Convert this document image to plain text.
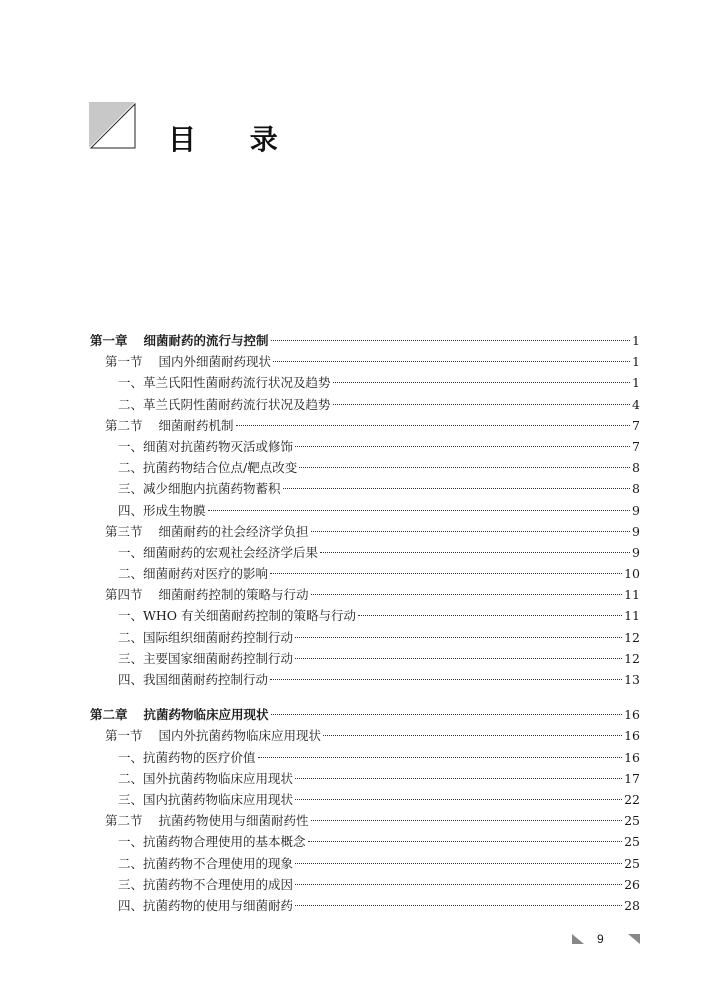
目 录
第一章 细菌耐药的流行与控制	1
第一节 国内外细菌耐药现状	1
一、革兰氏阳性菌耐药流行状况及趋势	1
二、革兰氏阴性菌耐药流行状况及趋势	4
第二节 细菌耐药机制	7
一、细菌对抗菌药物灭活或修饰	7
二、抗菌药物结合位点/靶点改变	8
三、减少细胞内抗菌药物蓄积	8
四、形成生物膜	9
第三节 细菌耐药的社会经济学负担	9
一、细菌耐药的宏观社会经济学后果	9
二、细菌耐药对医疗的影响	10
第四节 细菌耐药控制的策略与行动	11
一、WHO 有关细菌耐药控制的策略与行动	11
二、国际组织细菌耐药控制行动	12
三、主要国家细菌耐药控制行动	12
四、我国细菌耐药控制行动	13
第二章 抗菌药物临床应用现状	16
第一节 国内外抗菌药物临床应用现状	16
一、抗菌药物的医疗价值	16
二、国外抗菌药物临床应用现状	17
三、国内抗菌药物临床应用现状	22
第二节 抗菌药物使用与细菌耐药性	25
一、抗菌药物合理使用的基本概念	25
二、抗菌药物不合理使用的现象	25
三、抗菌药物不合理使用的成因	26
四、抗菌药物的使用与细菌耐药	28
9
